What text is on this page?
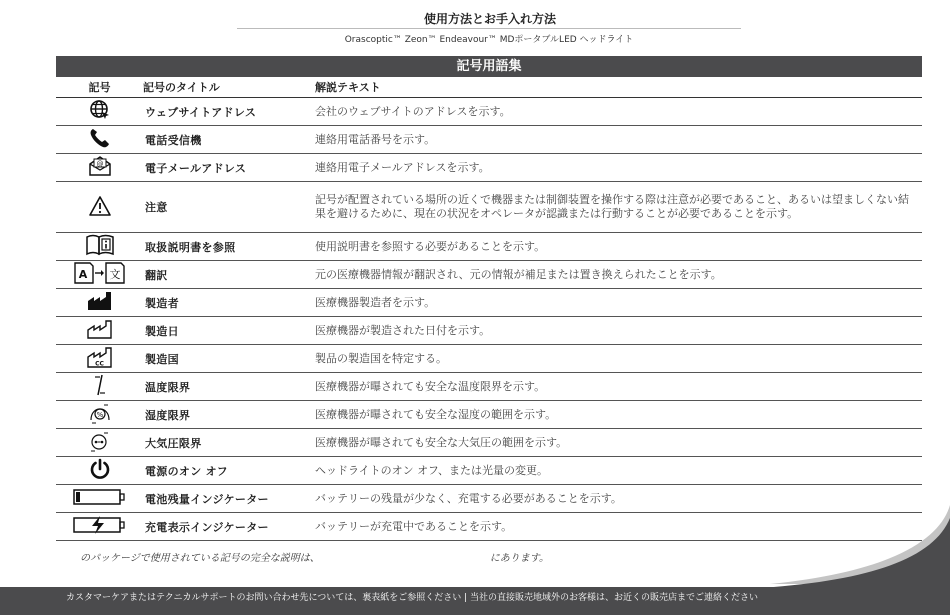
使用方法とお手入れ方法
Orascoptic™ Zeon™ Endeavour™ MDポータブルLED ヘッドライト
記号用語集
記号	記号のタイトル	解説テキスト
	ウェブサイトアドレス	会社のウェブサイトのアドレスを示す。
	電話受信機	連絡用電話番号を示す。

@	電子メールアドレス	連絡用電子メールアドレスを示す。
	注意	記号が配置されている場所の近くで機器または制御装置を操作する際は注意が必要であること、あるいは望ましくない結果を避けるために、現在の状況をオペレータが認識または行動することが必要であることを示す。
	取扱説明書を参照	使用説明書を参照する必要があることを示す。

A 文	翻訳	元の医療機器情報が翻訳され、元の情報が補足または置き換えられたことを示す。
	製造者	医療機器製造者を示す。
	製造日	医療機器が製造された日付を示す。

CC	製造国	製品の製造国を特定する。
	温度限界	医療機器が曝されても安全な温度限界を示す。

%	湿度限界	医療機器が曝されても安全な湿度の範囲を示す。
	大気圧限界	医療機器が曝されても安全な大気圧の範囲を示す。
	電源のオン オフ	ヘッドライトのオン オフ、または光量の変更。
	電池残量インジケーター	バッテリーの残量が少なく、充電する必要があることを示す。
	充電表示インジケーター	バッテリーが充電中であることを示す。
のパッケージで使用されている記号の完全な説明は、	にあります。
カスタマーケアまたはテクニカルサポートのお問い合わせ先については、裏表紙をご参照ください | 当社の直接販売地域外のお客様は、お近くの販売店までご連絡ください
